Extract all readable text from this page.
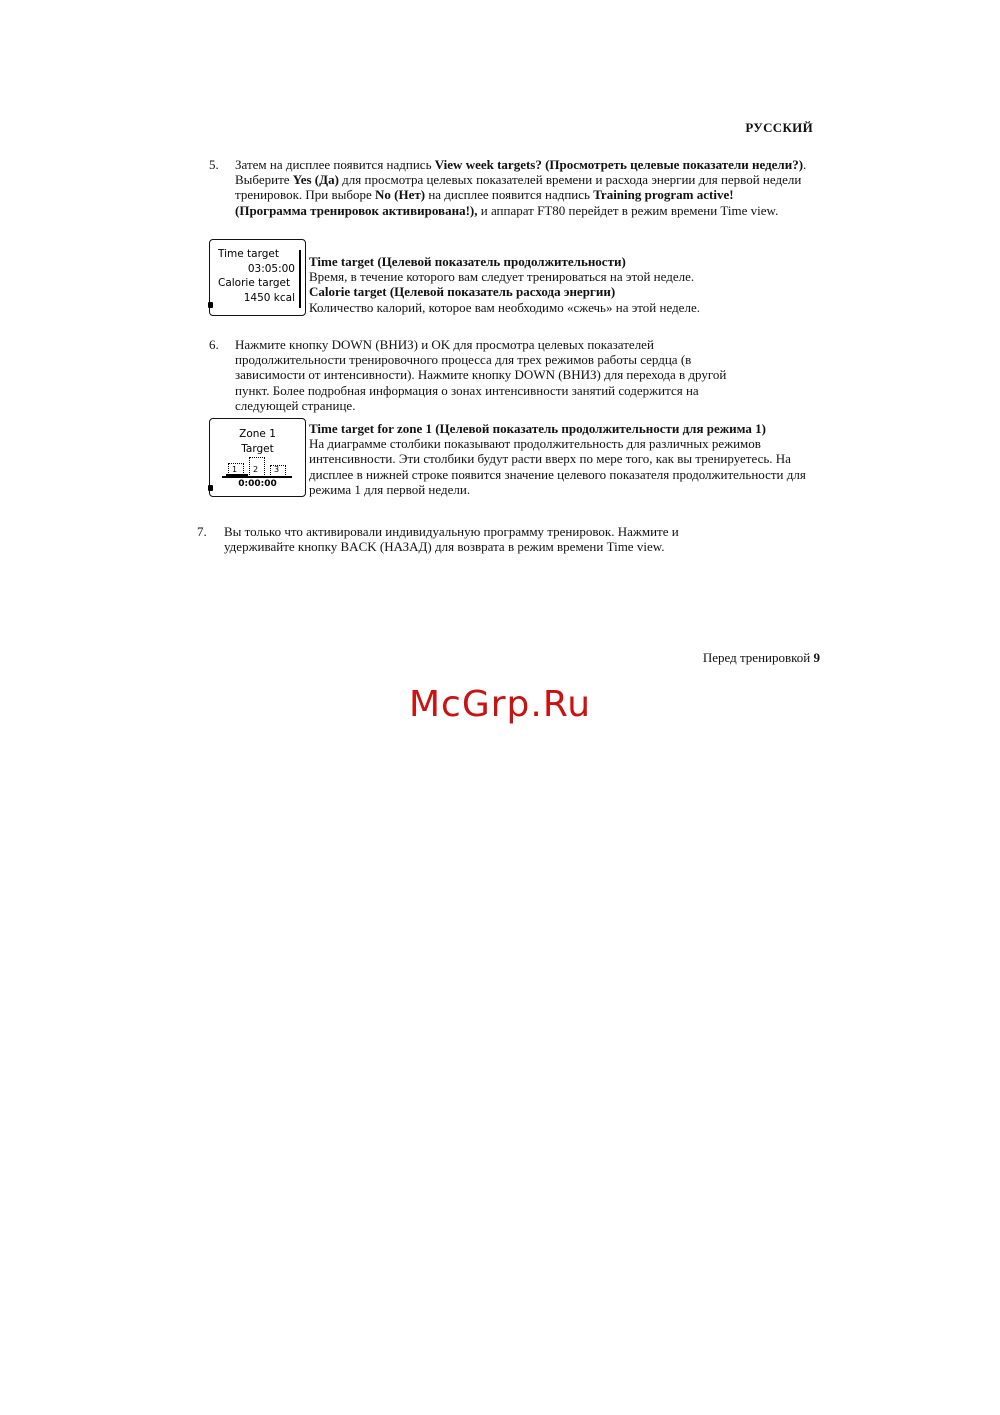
РУССКИЙ
5. Затем на дисплее появится надпись View week targets? (Просмотреть целевые показатели недели?). Выберите Yes (Да) для просмотра целевых показателей времени и расхода энергии для первой недели тренировок. При выборе No (Нет) на дисплее появится надпись Training program active! (Программа тренировок активирована!), и аппарат FT80 перейдет в режим времени Time view.
Time target
03:05:00
Calorie target
1450 kcal
Time target (Целевой показатель продолжительности)
Время, в течение которого вам следует тренироваться на этой неделе.
Calorie target (Целевой показатель расхода энергии)
Количество калорий, которое вам необходимо «сжечь» на этой неделе.
6. Нажмите кнопку DOWN (ВНИЗ) и OK для просмотра целевых показателей продолжительности тренировочного процесса для трех режимов работы сердца (в зависимости от интенсивности). Нажмите кнопку DOWN (ВНИЗ) для перехода в другой пункт. Более подробная информация о зонах интенсивности занятий содержится на следующей странице.
Zone 1
Target
1 2 3
0:00:00
Time target for zone 1 (Целевой показатель продолжительности для режима 1)
На диаграмме столбики показывают продолжительность для различных режимов интенсивности. Эти столбики будут расти вверх по мере того, как вы тренируетесь. На дисплее в нижней строке появится значение целевого показателя продолжительности для режима 1 для первой недели.
7. Вы только что активировали индивидуальную программу тренировок. Нажмите и удерживайте кнопку BACK (НАЗАД) для возврата в режим времени Time view.
Перед тренировкой 9
McGrp.Ru
